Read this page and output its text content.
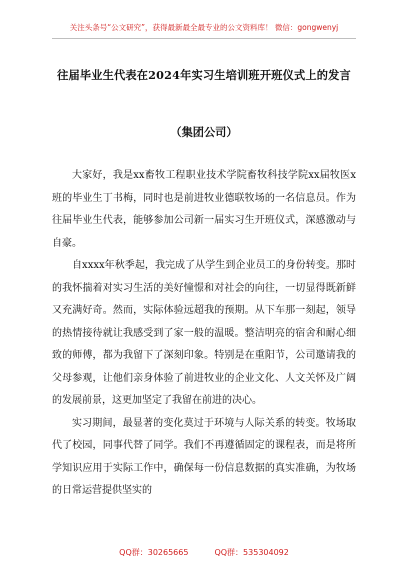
关注头条号“公文研究”，获得最新最全最专业的公文资料库！ 微信：gongwenyj
往届毕业生代表在2024年实习生培训班开班仪式上的发言
（集团公司）

大家好，我是xx畜牧工程职业技术学院畜牧科技学院xx届牧医x班的毕业生丁书梅，同时也是前进牧业德联牧场的一名信息员。作为往届毕业生代表，能够参加公司新一届实习生开班仪式，深感激动与自豪。

自xxxx年秋季起，我完成了从学生到企业员工的身份转变。那时的我怀揣着对实习生活的美好憧憬和对社会的向往，一切显得既新鲜又充满好奇。然而，实际体验远超我的预期。从下车那一刻起，领导的热情接待就让我感受到了家一般的温暖。整洁明亮的宿舍和耐心细致的师傅，都为我留下了深刻印象。特别是在重阳节，公司邀请我的父母参观，让他们亲身体验了前进牧业的企业文化、人文关怀及广阔的发展前景，这更加坚定了我留在前进的决心。

实习期间，最显著的变化莫过于环境与人际关系的转变。牧场取代了校园，同事代替了同学。我们不再遵循固定的课程表，而是将所学知识应用于实际工作中，确保每一份信息数据的真实准确，为牧场的日常运营提供坚实的

QQ群：30265665	QQ群：535304092
